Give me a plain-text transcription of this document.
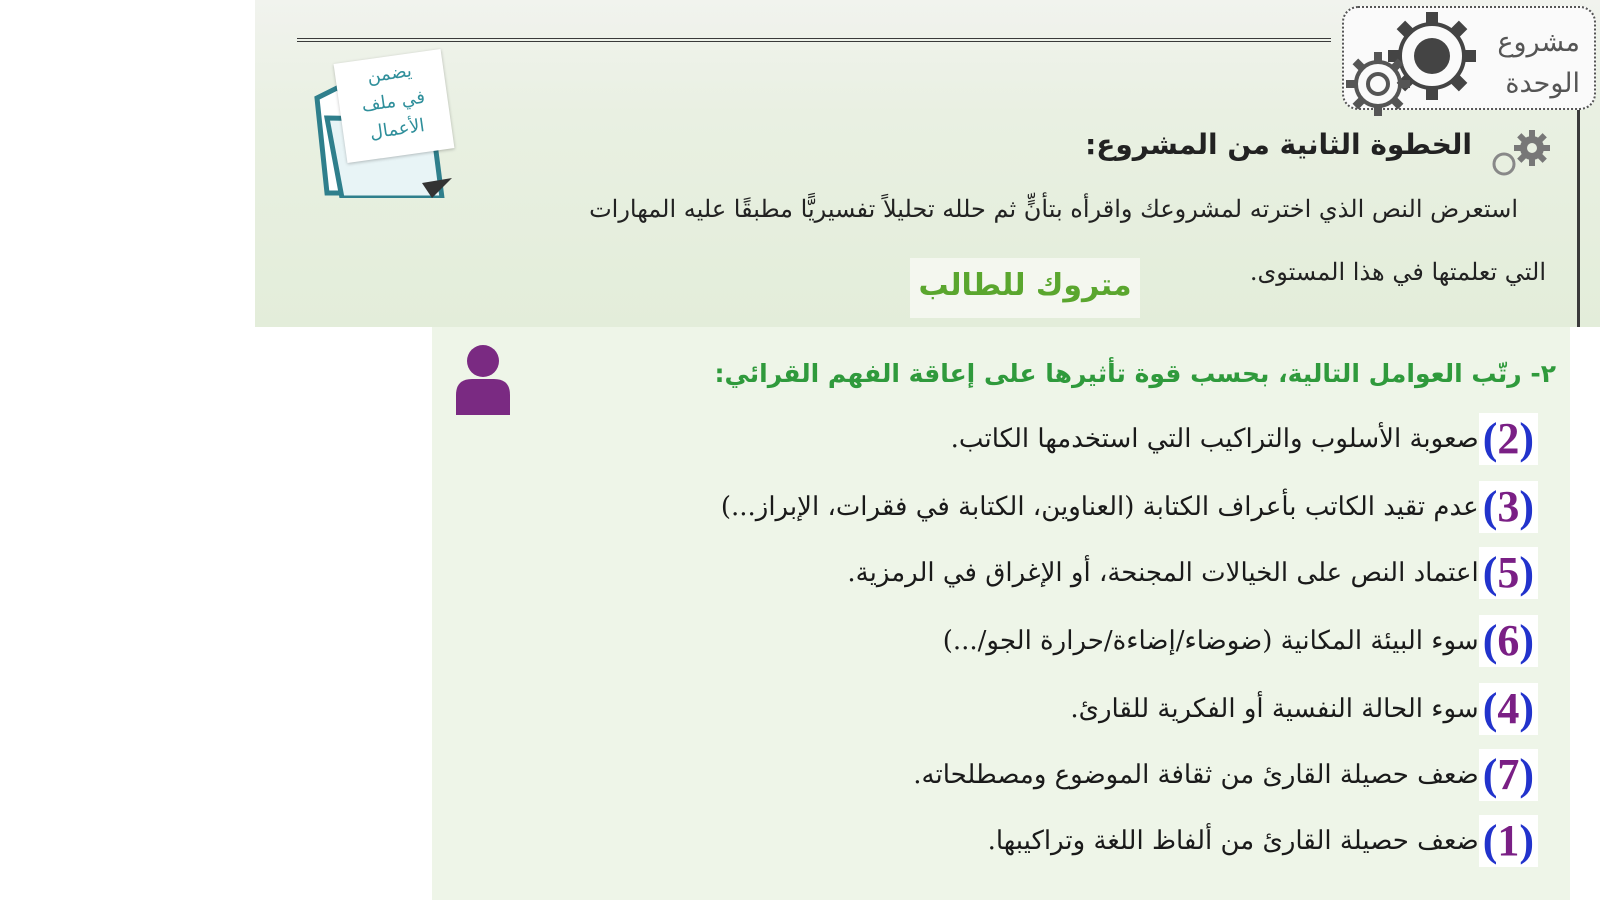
مشروع
الوحدة
الخطوة الثانية من المشروع:
استعرض النص الذي اخترته لمشروعك واقرأه بتأنٍّ ثم حلله تحليلاً تفسيريًّا مطبقًا عليه المهارات
التي تعلمتها في هذا المستوى.
متروك للطالب
يضمن
في ملف
الأعمال
٢- رتّب العوامل التالية، بحسب قوة تأثيرها على إعاقة الفهم القرائي:
صعوبة الأسلوب والتراكيب التي استخدمها الكاتب. (2)
عدم تقيد الكاتب بأعراف الكتابة (العناوين، الكتابة في فقرات، الإبراز...) (3)
اعتماد النص على الخيالات المجنحة، أو الإغراق في الرمزية. (5)
سوء البيئة المكانية (ضوضاء/إضاءة/حرارة الجو/...) (6)
سوء الحالة النفسية أو الفكرية للقارئ. (4)
ضعف حصيلة القارئ من ثقافة الموضوع ومصطلحاته. (7)
ضعف حصيلة القارئ من ألفاظ اللغة وتراكيبها. (1)
